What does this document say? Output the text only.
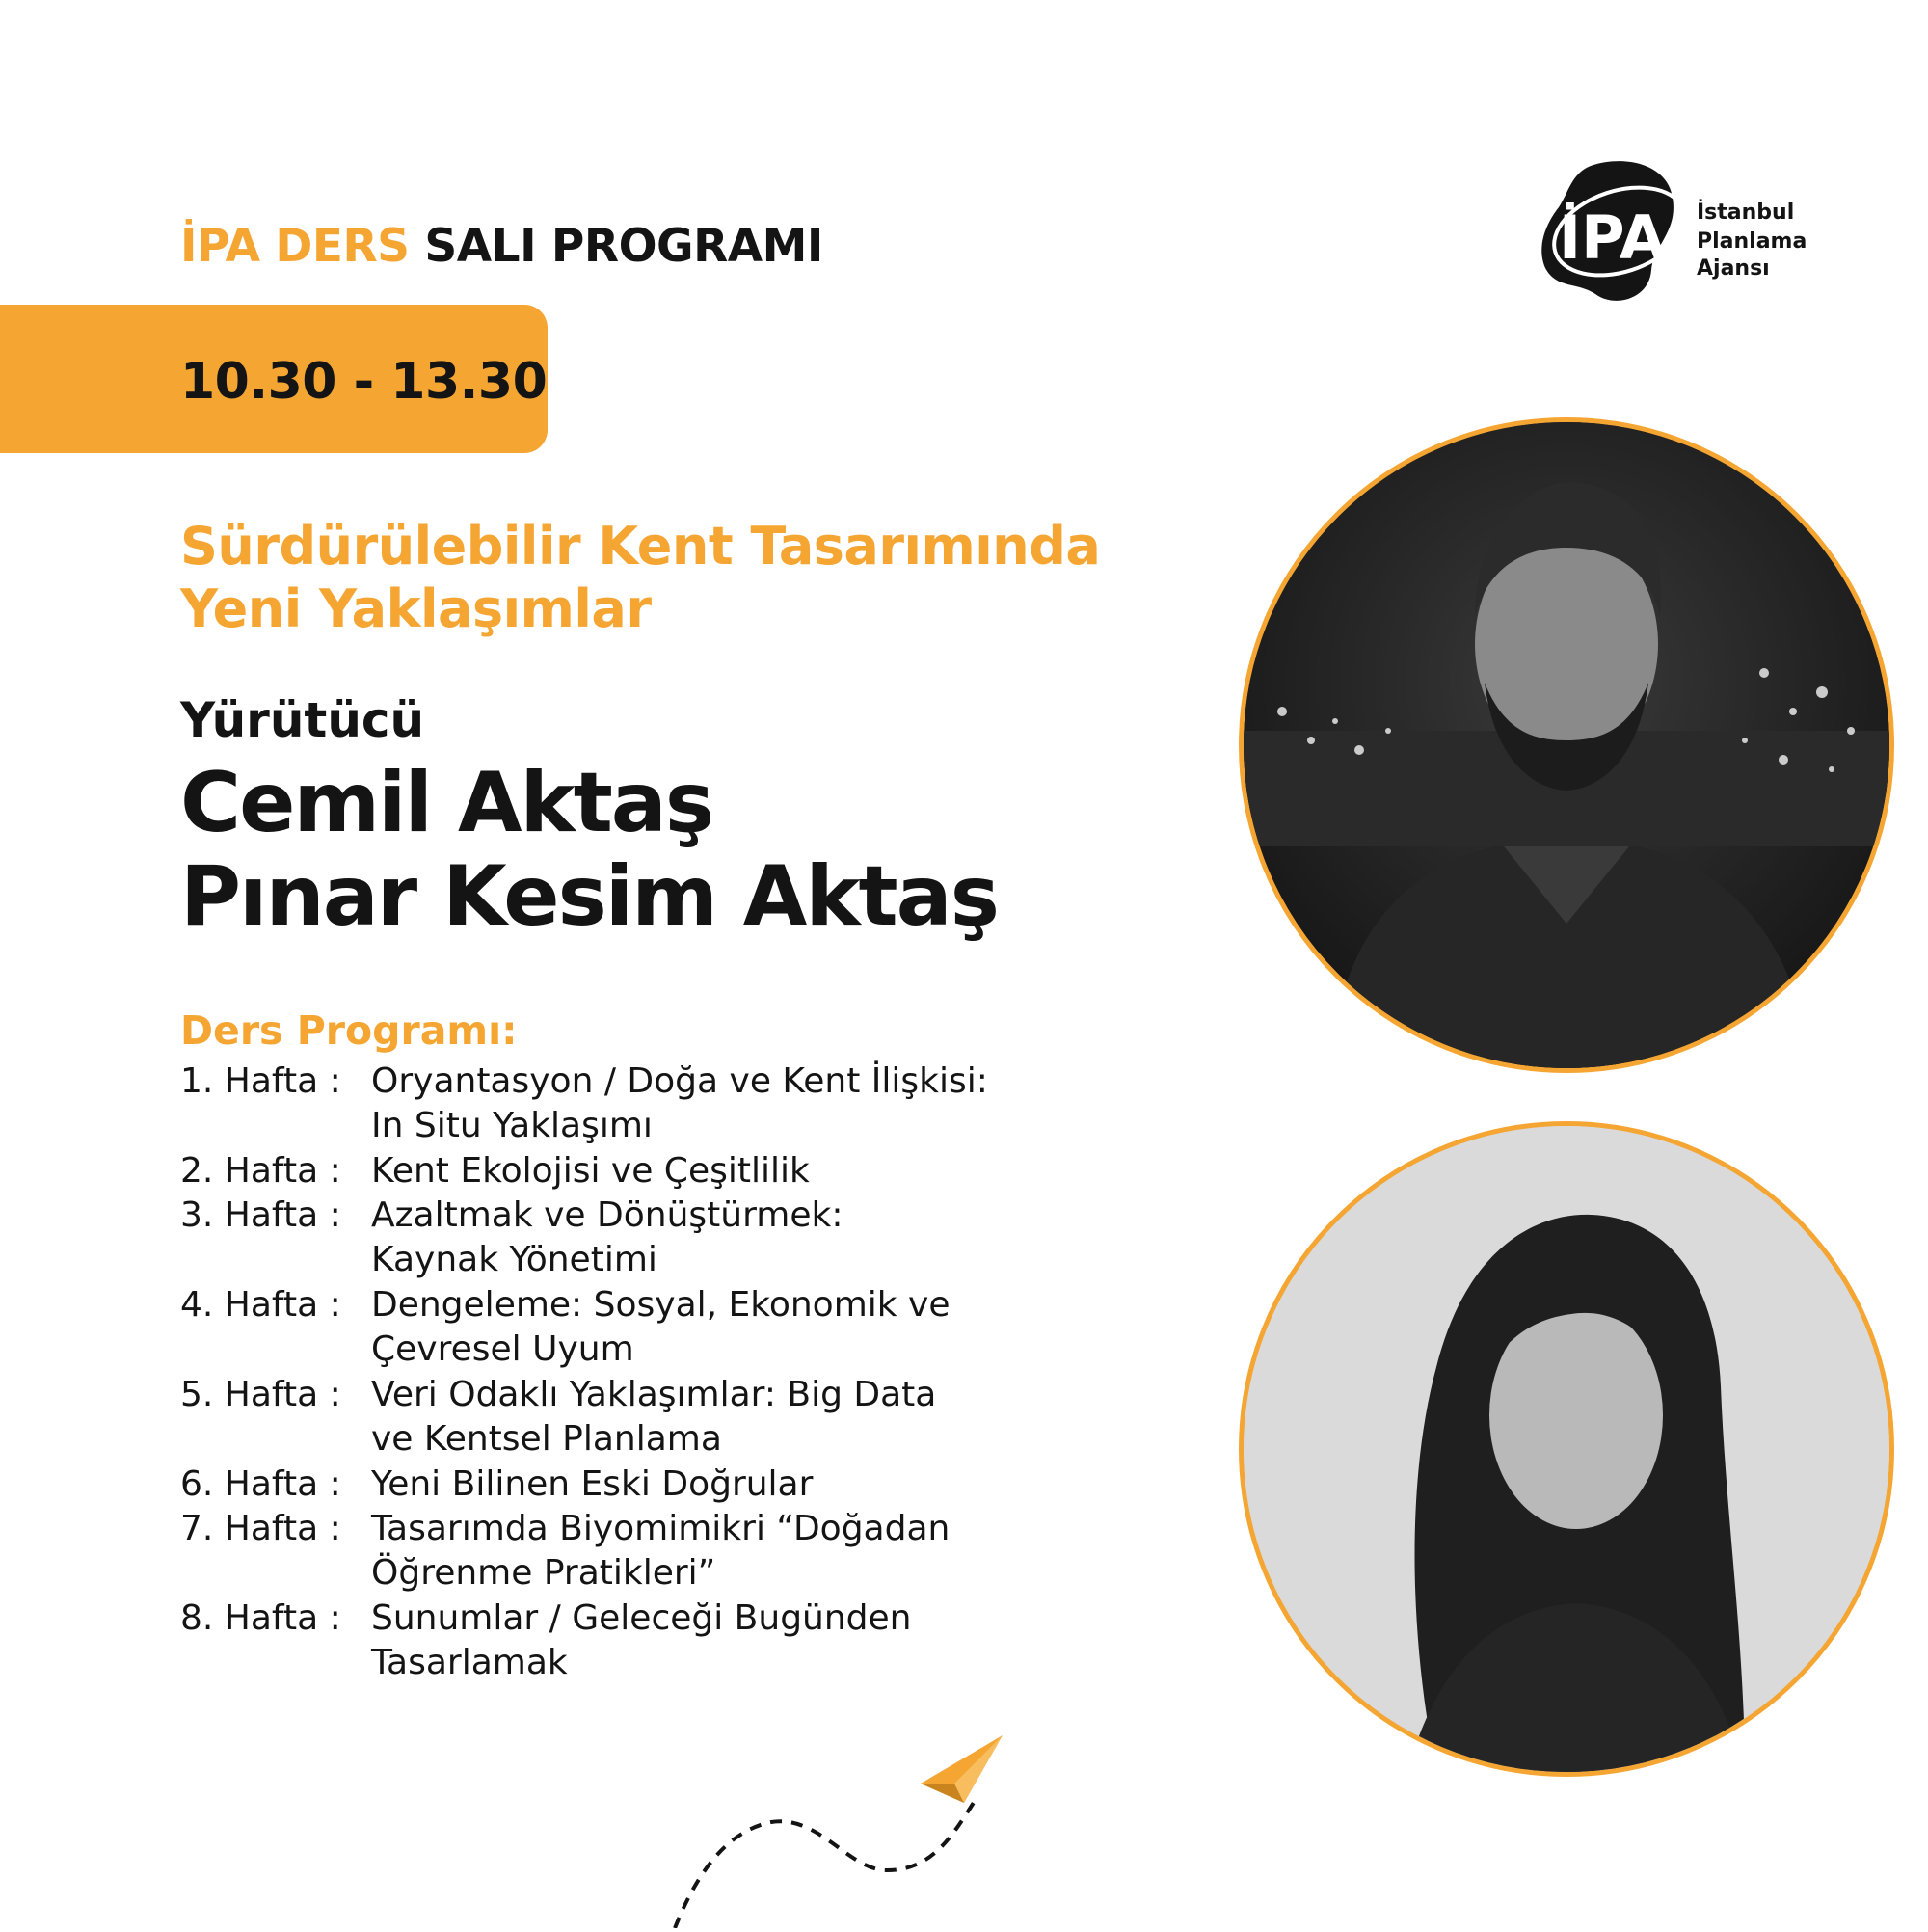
İPA DERS SALI PROGRAMI	İPA İstanbul
Planlama
Ajansı
10.30 - 13.30
Sürdürülebilir Kent Tasarımında
Yeni Yaklaşımlar
Yürütücü
Cemil Aktaş
Pınar Kesim Aktaş
Ders Programı:
1. Hafta : Oryantasyon / Doğa ve Kent İlişkisi:
In Situ Yaklaşımı
2. Hafta : Kent Ekolojisi ve Çeşitlilik
3. Hafta : Azaltmak ve Dönüştürmek:
Kaynak Yönetimi
4. Hafta : Dengeleme: Sosyal, Ekonomik ve
Çevresel Uyum
5. Hafta : Veri Odaklı Yaklaşımlar: Big Data
ve Kentsel Planlama
6. Hafta : Yeni Bilinen Eski Doğrular
7. Hafta : Tasarımda Biyomimikri “Doğadan
Öğrenme Pratikleri”
8. Hafta : Sunumlar / Geleceği Bugünden
Tasarlamak
